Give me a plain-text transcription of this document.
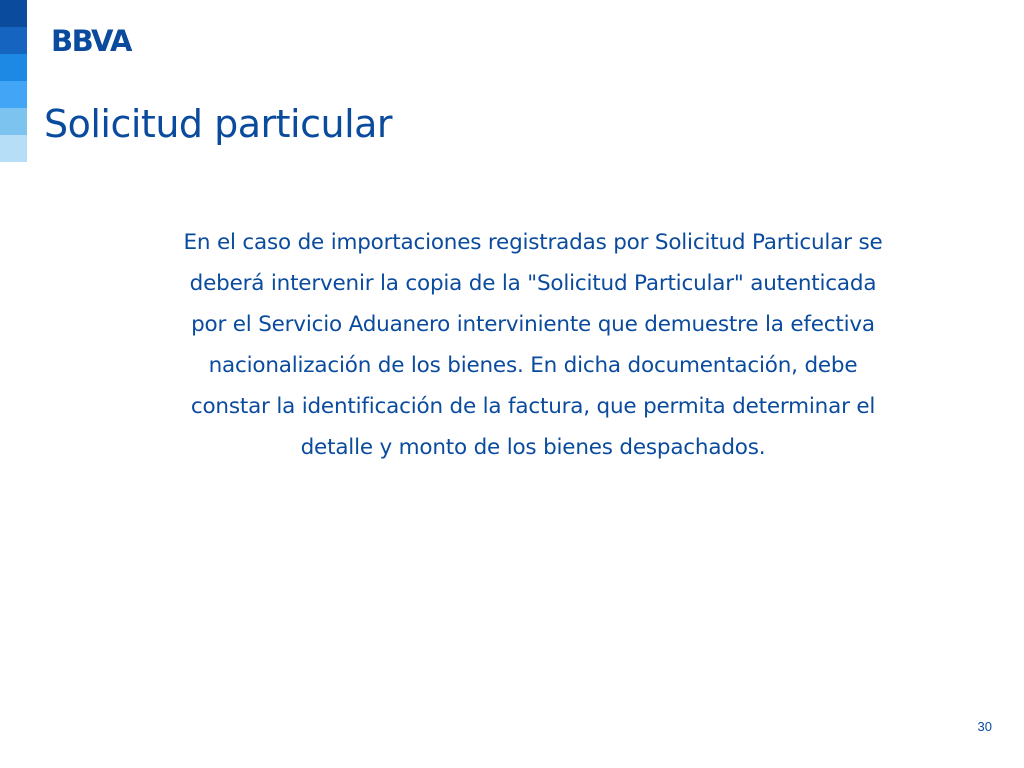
BBVA
Solicitud particular

En el caso de importaciones registradas por Solicitud Particular se deberá intervenir la copia de la "Solicitud Particular" autenticada por el Servicio Aduanero interviniente que demuestre la efectiva nacionalización de los bienes. En dicha documentación, debe constar la identificación de la factura, que permita determinar el detalle y monto de los bienes despachados.

30
